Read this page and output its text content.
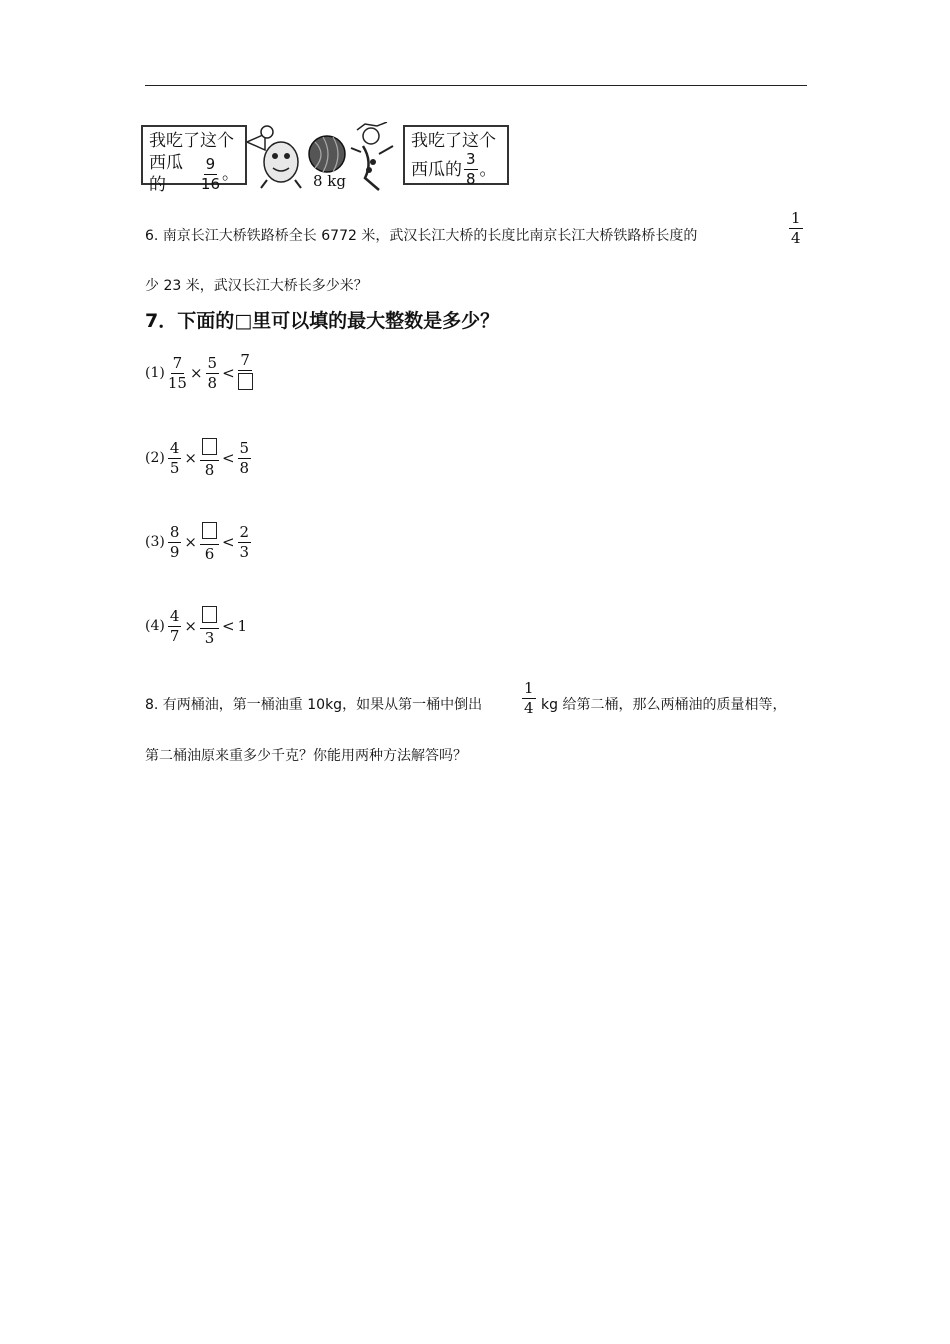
我吃了这个
西瓜的	$\frac{9}{16}$ 。	8 kg
我吃了这个
西瓜的 $\frac{3}{8}$ 。
6. 南京长江大桥铁路桥全长 6772 米，武汉长江大桥的长度比南京长江大桥铁路桥长度的	$\frac{1}{4}$
少 23 米，武汉长江大桥长多少米？
7．下面的□里可以填的最大整数是多少？
$(1) \frac{7}{15} \times \frac{5}{8}$ <
7
$(2) \frac{4}{5}$ ×
8
< $\frac{5}{8}$
$(3) \frac{8}{9}$ ×
6
< $\frac{2}{3}$
$(4) \frac{4}{7}$ ×
3
< 1
8. 有两桶油，第一桶油重 10kg，如果从第一桶中倒出	$\frac{1}{4}$ kg 给第二桶，那么两桶油的质量相等，
第二桶油原来重多少千克？你能用两种方法解答吗？
